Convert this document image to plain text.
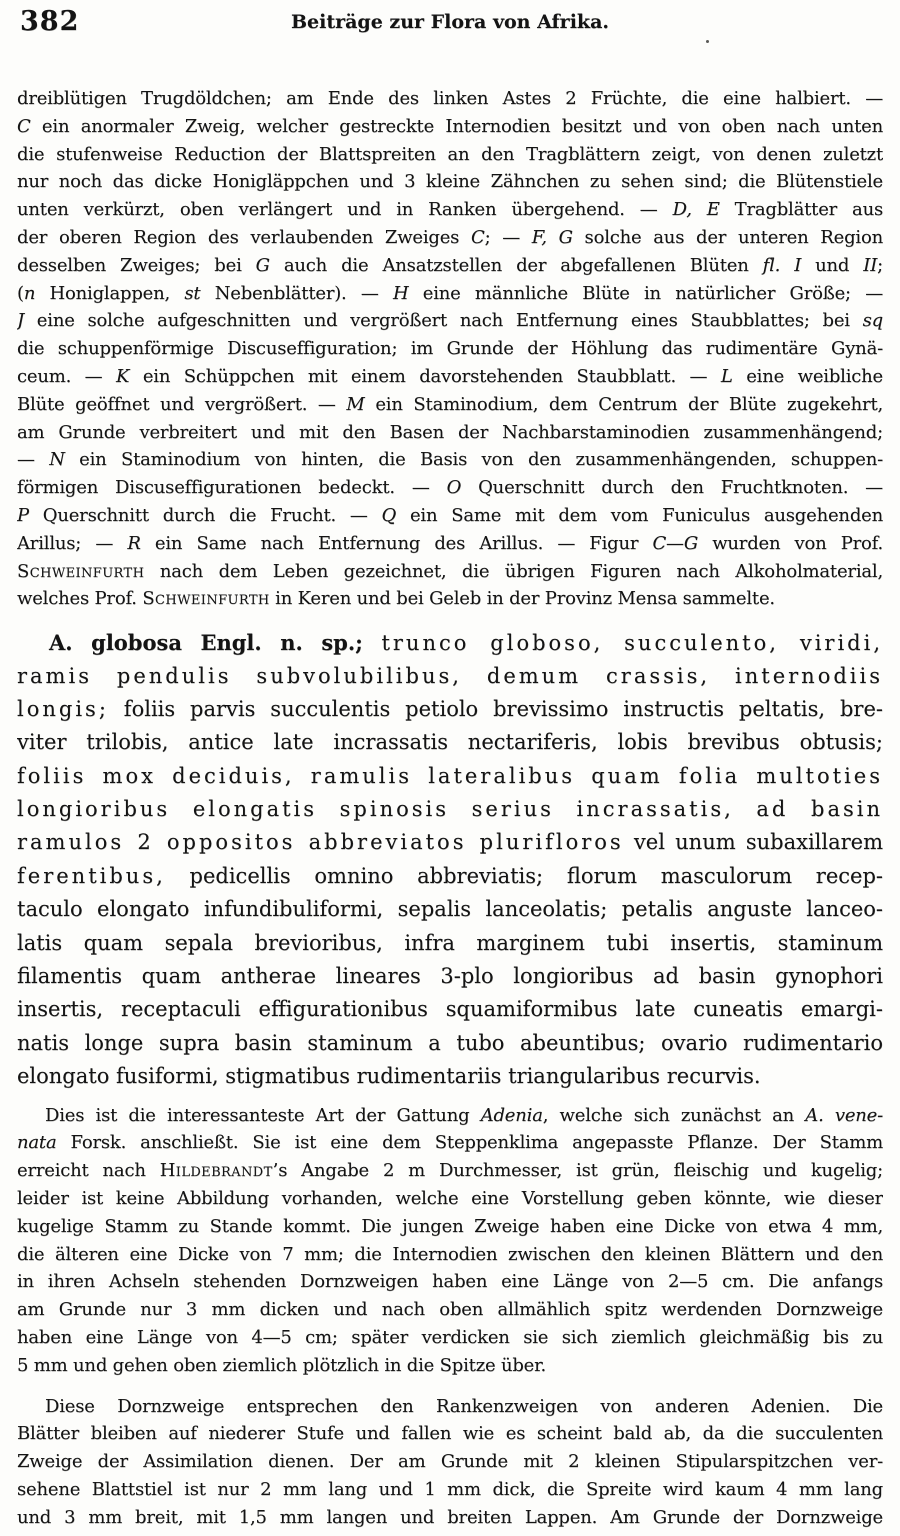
382	Beiträge zur Flora von Afrika.
dreiblütigen Trugdöldchen; am Ende des linken Astes 2 Früchte, die eine halbiert. —
C ein anormaler Zweig, welcher gestreckte Internodien besitzt und von oben nach unten
die stufenweise Reduction der Blattspreiten an den Tragblättern zeigt, von denen zuletzt
nur noch das dicke Honigläppchen und 3 kleine Zähnchen zu sehen sind; die Blütenstiele
unten verkürzt, oben verlängert und in Ranken übergehend. — D, E Tragblätter aus
der oberen Region des verlaubenden Zweiges C; — F, G solche aus der unteren Region
desselben Zweiges; bei G auch die Ansatzstellen der abgefallenen Blüten fl. I und II;
(n Honiglappen, st Nebenblätter). — H eine männliche Blüte in natürlicher Größe; —
J eine solche aufgeschnitten und vergrößert nach Entfernung eines Staubblattes; bei sq
die schuppenförmige Discuseffiguration; im Grunde der Höhlung das rudimentäre Gynä-
ceum. — K ein Schüppchen mit einem davorstehenden Staubblatt. — L eine weibliche
Blüte geöffnet und vergrößert. — M ein Staminodium, dem Centrum der Blüte zugekehrt,
am Grunde verbreitert und mit den Basen der Nachbarstaminodien zusammenhängend;
— N ein Staminodium von hinten, die Basis von den zusammenhängenden, schuppen-
förmigen Discuseffigurationen bedeckt. — O Querschnitt durch den Fruchtknoten. —
P Querschnitt durch die Frucht. — Q ein Same mit dem vom Funiculus ausgehenden
Arillus; — R ein Same nach Entfernung des Arillus. — Figur C—G wurden von Prof.
Schweinfurth nach dem Leben gezeichnet, die übrigen Figuren nach Alkoholmaterial,
welches Prof. Schweinfurth in Keren und bei Geleb in der Provinz Mensa sammelte.
A. globosa Engl. n. sp.; trunco globoso, succulento, viridi,
ramis pendulis subvolubilibus, demum crassis, internodiis
longis; foliis parvis succulentis petiolo brevissimo instructis peltatis, bre-
viter trilobis, antice late incrassatis nectariferis, lobis brevibus obtusis;
foliis mox deciduis, ramulis lateralibus quam folia multoties
longioribus elongatis spinosis serius incrassatis, ad basin
ramulos 2 oppositos abbreviatos plurifloros vel unum subaxillarem
ferentibus, pedicellis omnino abbreviatis; florum masculorum recep-
taculo elongato infundibuliformi, sepalis lanceolatis; petalis anguste lanceo-
latis quam sepala brevioribus, infra marginem tubi insertis, staminum
filamentis quam antherae lineares 3-plo longioribus ad basin gynophori
insertis, receptaculi effigurationibus squamiformibus late cuneatis emargi-
natis longe supra basin staminum a tubo abeuntibus; ovario rudimentario
elongato fusiformi, stigmatibus rudimentariis triangularibus recurvis.
Dies ist die interessanteste Art der Gattung Adenia, welche sich zunächst an A. vene-
nata Forsk. anschließt. Sie ist eine dem Steppenklima angepasste Pflanze. Der Stamm
erreicht nach Hildebrandt’s Angabe 2 m Durchmesser, ist grün, fleischig und kugelig;
leider ist keine Abbildung vorhanden, welche eine Vorstellung geben könnte, wie dieser
kugelige Stamm zu Stande kommt. Die jungen Zweige haben eine Dicke von etwa 4 mm,
die älteren eine Dicke von 7 mm; die Internodien zwischen den kleinen Blättern und den
in ihren Achseln stehenden Dornzweigen haben eine Länge von 2—5 cm. Die anfangs
am Grunde nur 3 mm dicken und nach oben allmählich spitz werdenden Dornzweige
haben eine Länge von 4—5 cm; später verdicken sie sich ziemlich gleichmäßig bis zu
5 mm und gehen oben ziemlich plötzlich in die Spitze über.
Diese Dornzweige entsprechen den Rankenzweigen von anderen Adenien. Die
Blätter bleiben auf niederer Stufe und fallen wie es scheint bald ab, da die succulenten
Zweige der Assimilation dienen. Der am Grunde mit 2 kleinen Stipularspitzchen ver-
sehene Blattstiel ist nur 2 mm lang und 1 mm dick, die Spreite wird kaum 4 mm lang
und 3 mm breit, mit 1,5 mm langen und breiten Lappen. Am Grunde der Dornzweige
